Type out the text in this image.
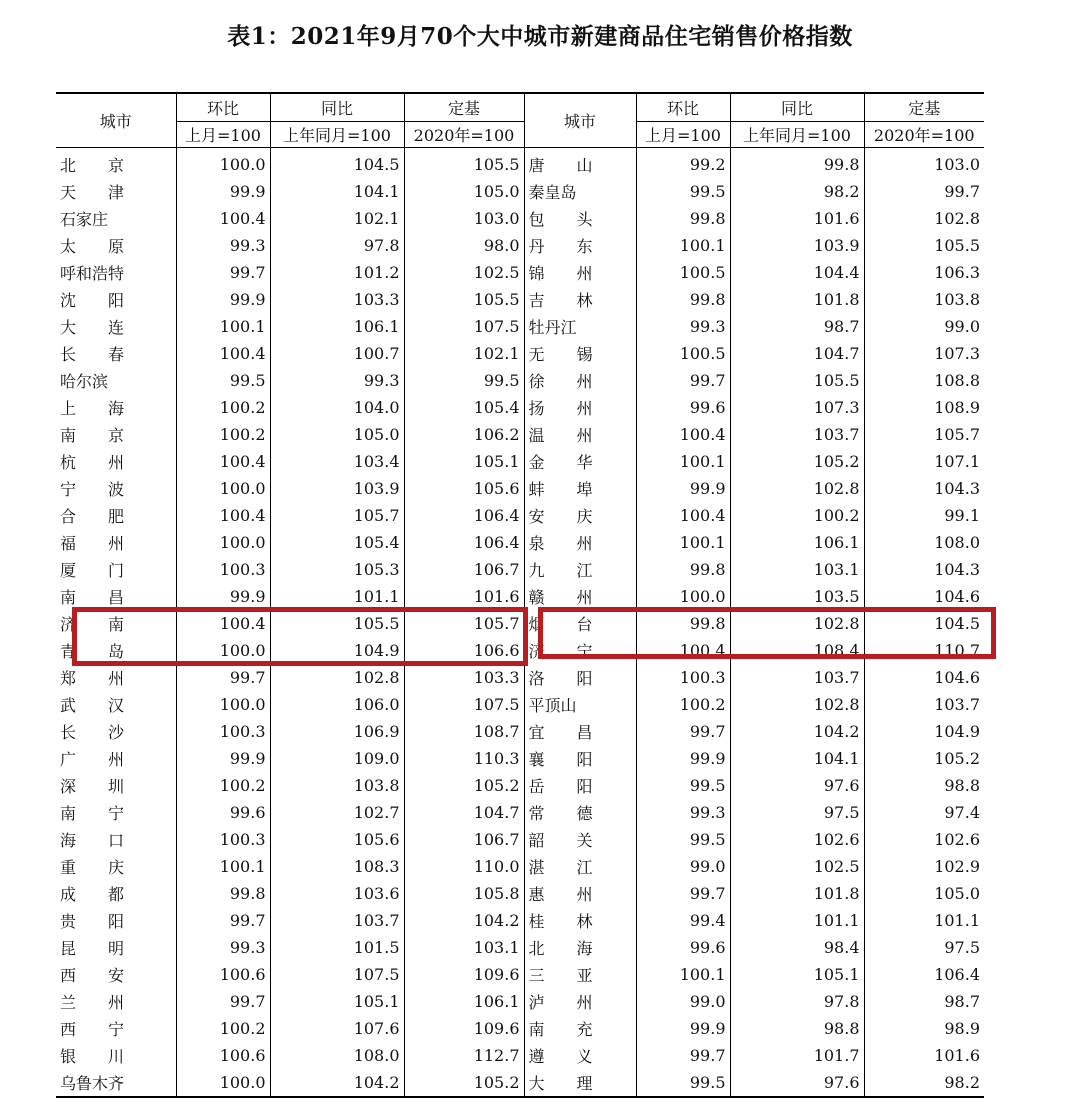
表1：2021年9月70个大中城市新建商品住宅销售价格指数
城市	环比	同比	定基	城市	环比	同比	定基
	上月=100	上年同月=100	2020年=100		上月=100	上年同月=100	2020年=100
北　　京	100.0	104.5	105.5	唐　　山	99.2	99.8	103.0
天　　津	99.9	104.1	105.0	秦皇岛	99.5	98.2	99.7
石家庄	100.4	102.1	103.0	包　　头	99.8	101.6	102.8
太　　原	99.3	97.8	98.0	丹　　东	100.1	103.9	105.5
呼和浩特	99.7	101.2	102.5	锦　　州	100.5	104.4	106.3
沈　　阳	99.9	103.3	105.5	吉　　林	99.8	101.8	103.8
大　　连	100.1	106.1	107.5	牡丹江	99.3	98.7	99.0
长　　春	100.4	100.7	102.1	无　　锡	100.5	104.7	107.3
哈尔滨	99.5	99.3	99.5	徐　　州	99.7	105.5	108.8
上　　海	100.2	104.0	105.4	扬　　州	99.6	107.3	108.9
南　　京	100.2	105.0	106.2	温　　州	100.4	103.7	105.7
杭　　州	100.4	103.4	105.1	金　　华	100.1	105.2	107.1
宁　　波	100.0	103.9	105.6	蚌　　埠	99.9	102.8	104.3
合　　肥	100.4	105.7	106.4	安　　庆	100.4	100.2	99.1
福　　州	100.0	105.4	106.4	泉　　州	100.1	106.1	108.0
厦　　门	100.3	105.3	106.7	九　　江	99.8	103.1	104.3
南　　昌	99.9	101.1	101.6	赣　　州	100.0	103.5	104.6
济　　南	100.4	105.5	105.7	烟　　台	99.8	102.8	104.5
青　　岛	100.0	104.9	106.6	济　　宁	100.4	108.4	110.7
郑　　州	99.7	102.8	103.3	洛　　阳	100.3	103.7	104.6
武　　汉	100.0	106.0	107.5	平顶山	100.2	102.8	103.7
长　　沙	100.3	106.9	108.7	宜　　昌	99.7	104.2	104.9
广　　州	99.9	109.0	110.3	襄　　阳	99.9	104.1	105.2
深　　圳	100.2	103.8	105.2	岳　　阳	99.5	97.6	98.8
南　　宁	99.6	102.7	104.7	常　　德	99.3	97.5	97.4
海　　口	100.3	105.6	106.7	韶　　关	99.5	102.6	102.6
重　　庆	100.1	108.3	110.0	湛　　江	99.0	102.5	102.9
成　　都	99.8	103.6	105.8	惠　　州	99.7	101.8	105.0
贵　　阳	99.7	103.7	104.2	桂　　林	99.4	101.1	101.1
昆　　明	99.3	101.5	103.1	北　　海	99.6	98.4	97.5
西　　安	100.6	107.5	109.6	三　　亚	100.1	105.1	106.4
兰　　州	99.7	105.1	106.1	泸　　州	99.0	97.8	98.7
西　　宁	100.2	107.6	109.6	南　　充	99.9	98.8	98.9
银　　川	100.6	108.0	112.7	遵　　义	99.7	101.7	101.6
乌鲁木齐	100.0	104.2	105.2	大　　理	99.5	97.6	98.2
